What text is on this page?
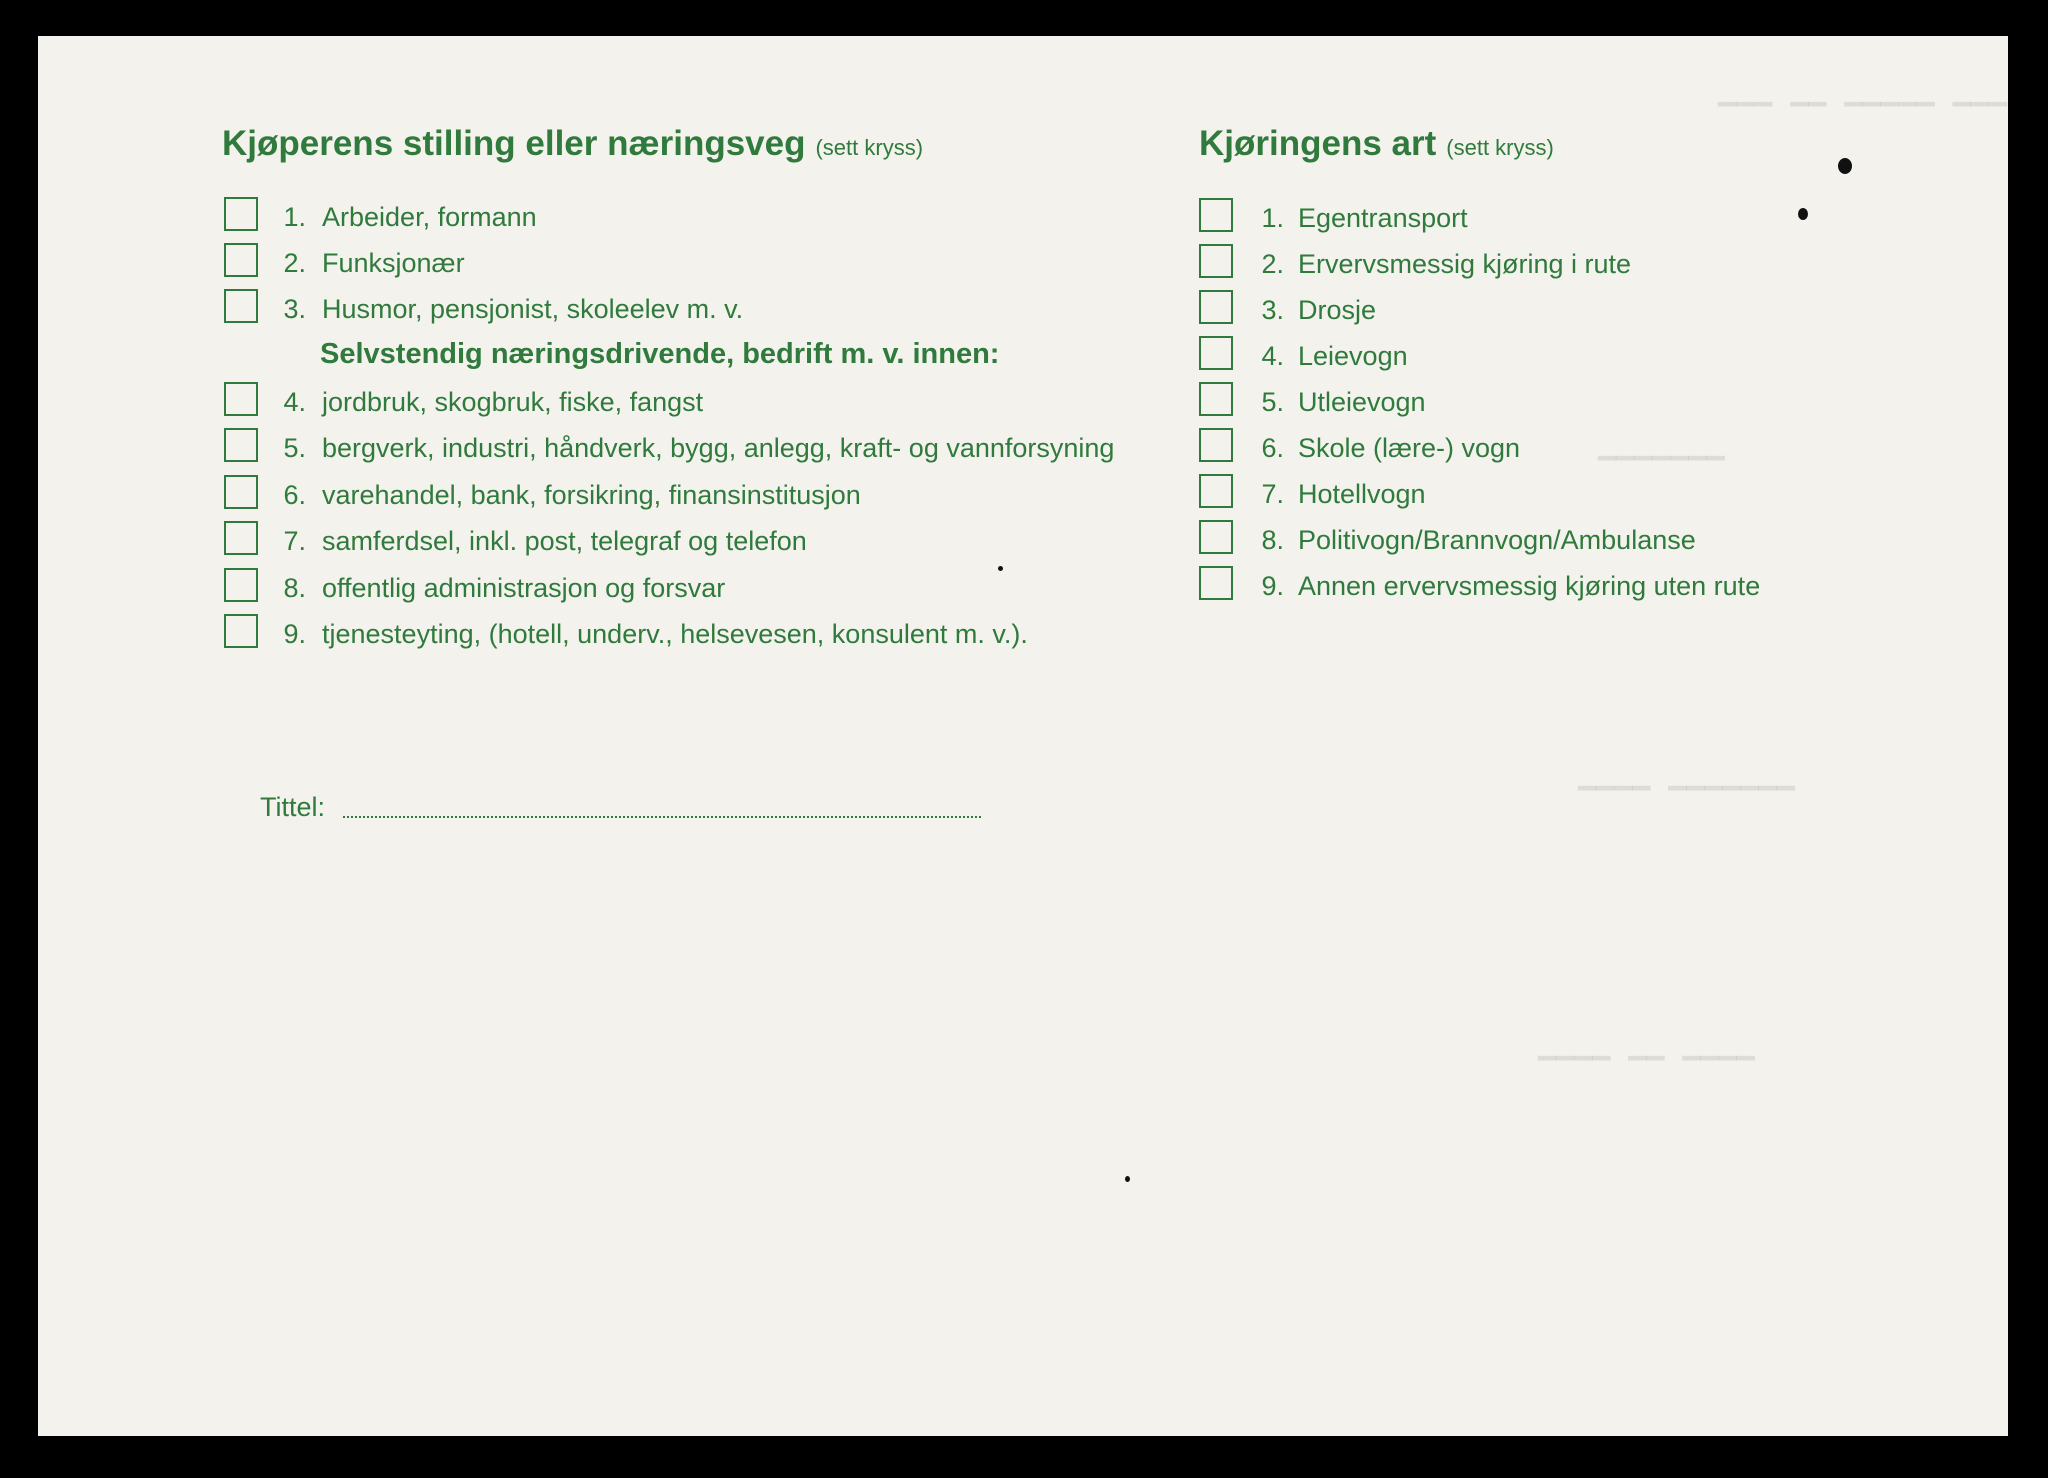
▁▁▁ ▁▁ ▁▁▁▁▁ ▁▁▁
▁▁▁▁▁▁▁
▁▁▁▁ ▁▁▁▁▁▁▁
▁▁▁▁ ▁▁ ▁▁▁▁
Kjøperens stilling eller næringsveg (sett kryss)
1. Arbeider, formann
2. Funksjonær
3. Husmor, pensjonist, skoleelev m. v.
Selvstendig næringsdrivende, bedrift m. v. innen:
4. jordbruk, skogbruk, fiske, fangst
5. bergverk, industri, håndverk, bygg, anlegg, kraft- og vannforsyning
6. varehandel, bank, forsikring, finansinstitusjon
7. samferdsel, inkl. post, telegraf og telefon
8. offentlig administrasjon og forsvar
9. tjenesteyting, (hotell, underv., helsevesen, konsulent m. v.).
Tittel:
Kjøringens art (sett kryss)
1. Egentransport
2. Ervervsmessig kjøring i rute
3. Drosje
4. Leievogn
5. Utleievogn
6. Skole (lære-) vogn
7. Hotellvogn
8. Politivogn/Brannvogn/Ambulanse
9. Annen ervervsmessig kjøring uten rute
